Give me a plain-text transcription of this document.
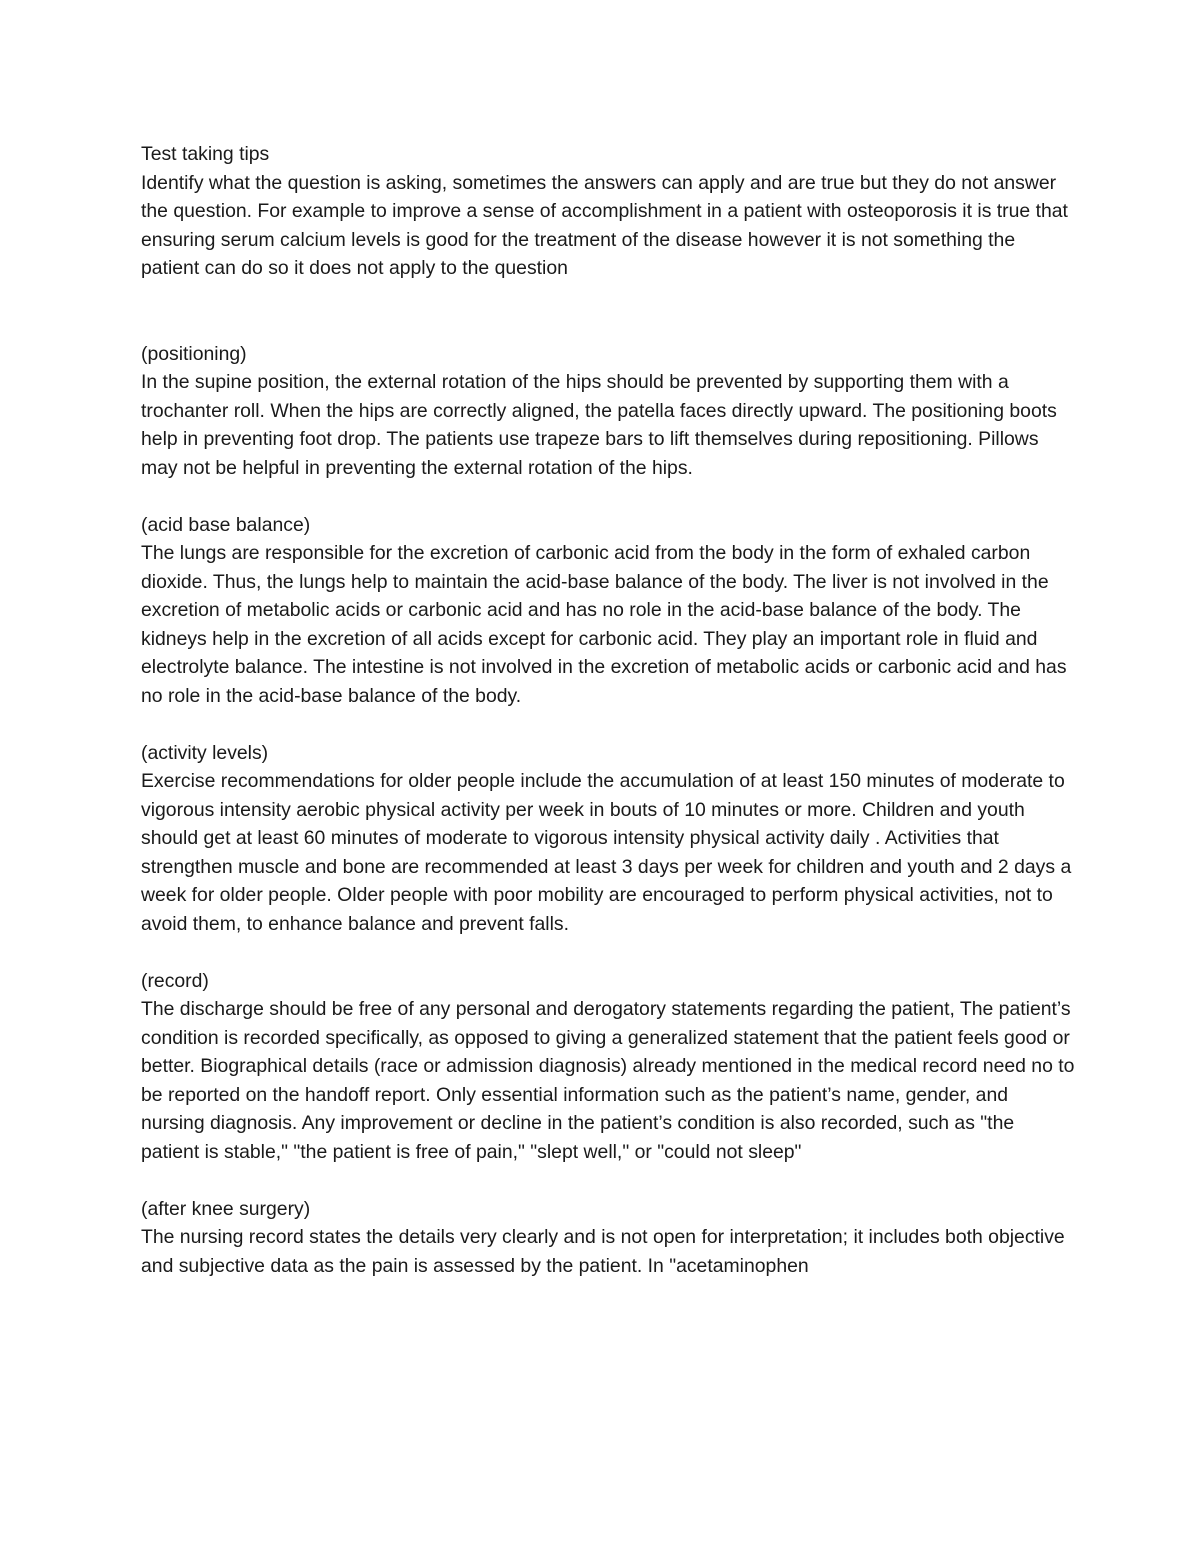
Test taking tips

Identify what the question is asking, sometimes the answers can apply and are true but they do not answer the question. For example to improve a sense of accomplishment in a patient with osteoporosis it is true that ensuring serum calcium levels is good for the treatment of the disease however it is not something the patient can do so it does not apply to the question

(positioning)

In the supine position, the external rotation of the hips should be prevented by supporting them with a  trochanter roll. When the hips are correctly aligned, the patella faces directly upward. The positioning boots help in preventing foot drop. The patients use trapeze bars to lift themselves during repositioning. Pillows may not be helpful in preventing the external rotation of the hips.

(acid base balance)

The lungs are responsible for the excretion of carbonic acid from the body in the form of exhaled carbon dioxide. Thus, the lungs help to maintain the acid-base balance of the body. The liver is not involved in the excretion of metabolic acids or carbonic acid and has no role in the acid-base balance of the body. The kidneys help in the excretion of all acids except for carbonic acid. They play an important role in fluid and electrolyte balance. The intestine is not involved in the excretion of metabolic acids or carbonic acid and has no role in the acid-base balance of the body.

(activity levels)

Exercise recommendations for older people include the accumulation of at least 150 minutes of moderate to vigorous intensity aerobic physical activity per week in bouts of 10 minutes or more. Children and youth should get at least 60 minutes of moderate to vigorous intensity physical activity daily . Activities that strengthen muscle and bone are recommended at least 3 days per week for children and youth and 2 days a week for older people. Older people with poor mobility are encouraged to perform physical activities, not to avoid them, to enhance balance and prevent falls.

(record)

The discharge should be free of any personal and derogatory statements regarding the patient, The patient’s condition is recorded specifically, as opposed to giving a generalized statement that the patient feels good or better. Biographical details (race or admission diagnosis) already mentioned in the medical record need no to be reported on the handoff report. Only essential information such as the patient’s name, gender, and nursing diagnosis. Any improvement or decline in the patient’s condition is also recorded, such as "the patient is stable," "the patient is free of pain," "slept well," or "could not sleep"

(after knee surgery)

The nursing record states the details very clearly and is not open for interpretation; it includes both objective and subjective data as the pain is assessed by the patient. In "acetaminophen
